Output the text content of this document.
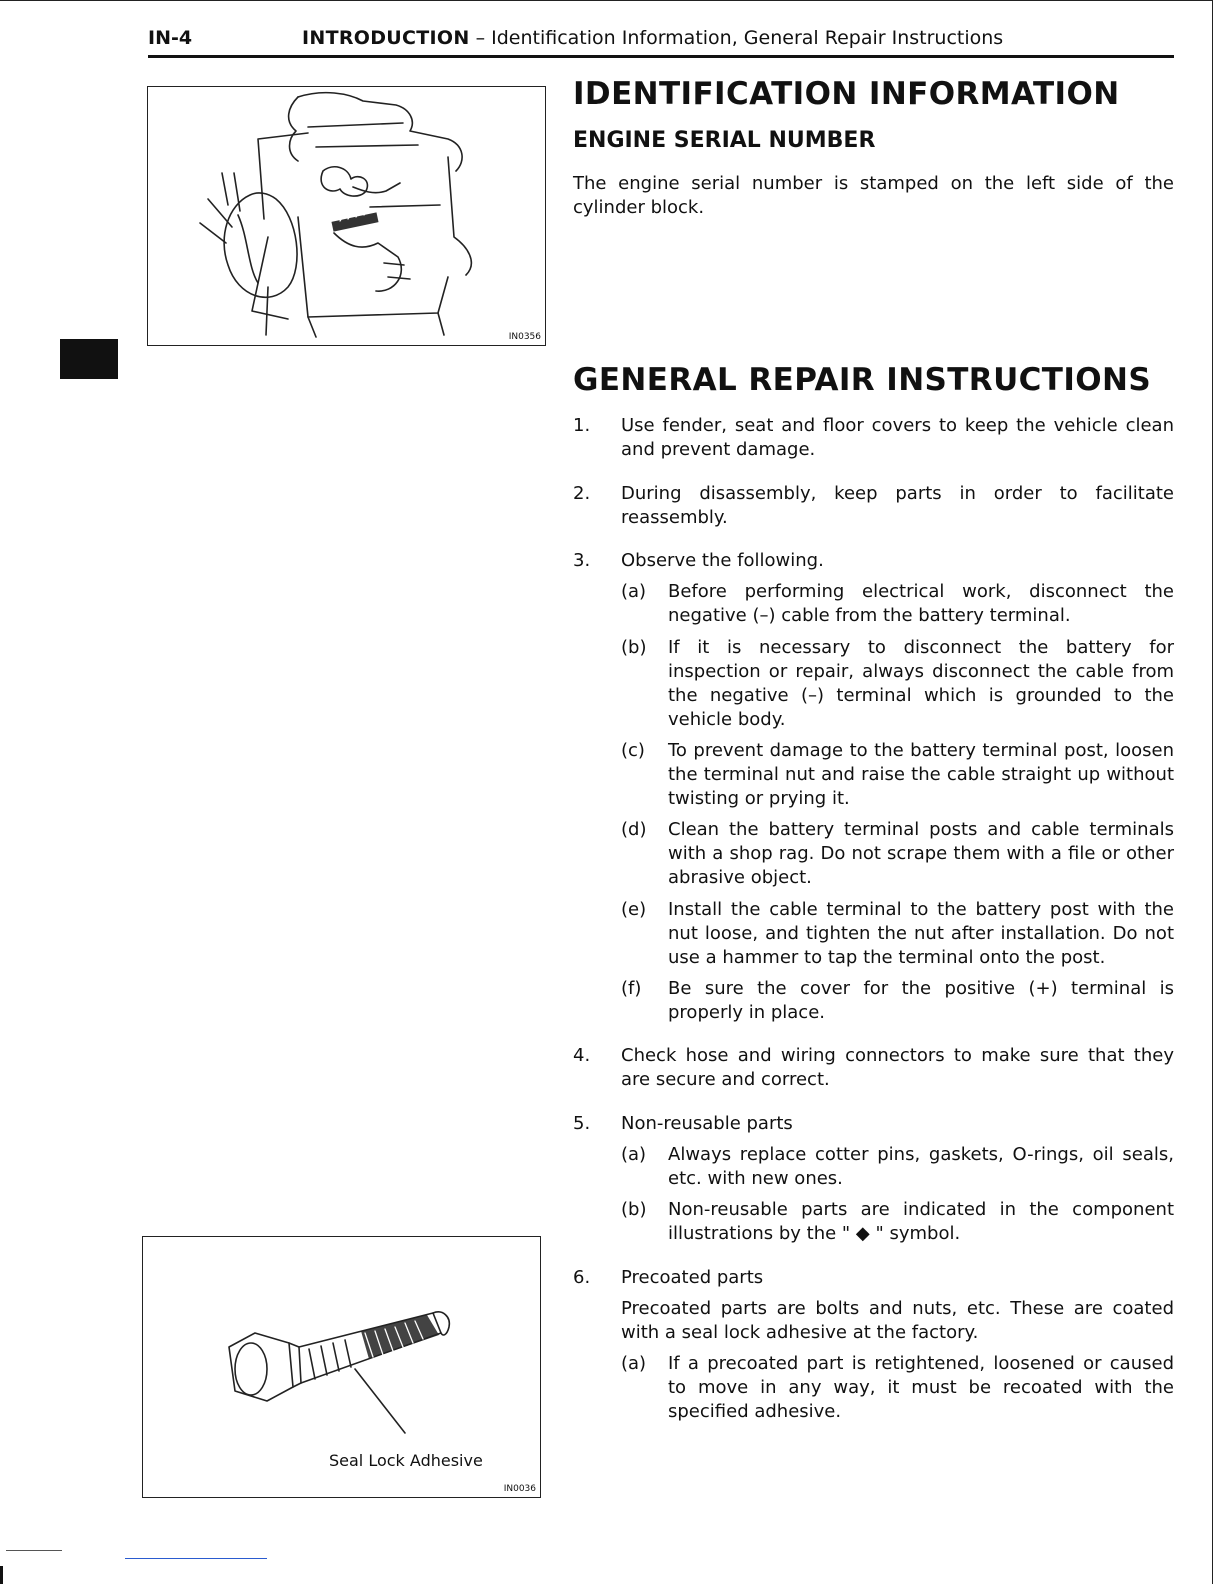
IN-4	INTRODUCTION – Identification Information, General Repair Instructions
IN0356
Seal Lock Adhesive
IN0036
IDENTIFICATION INFORMATION
ENGINE SERIAL NUMBER
The engine serial number is stamped on the left side of the cylinder block.
GENERAL REPAIR INSTRUCTIONS
1. Use fender, seat and floor covers to keep the vehicle clean and prevent damage.
2. During disassembly, keep parts in order to facilitate reassembly.
3. Observe the following.
(a) Before performing electrical work, disconnect the negative (–) cable from the battery terminal.
(b) If it is necessary to disconnect the battery for inspection or repair, always disconnect the cable from the negative (–) terminal which is grounded to the vehicle body.
(c) To prevent damage to the battery terminal post, loosen the terminal nut and raise the cable straight up without twisting or prying it.
(d) Clean the battery terminal posts and cable terminals with a shop rag. Do not scrape them with a file or other abrasive object.
(e) Install the cable terminal to the battery post with the nut loose, and tighten the nut after installation. Do not use a hammer to tap the terminal onto the post.
(f) Be sure the cover for the positive (+) terminal is properly in place.
4. Check hose and wiring connectors to make sure that they are secure and correct.
5. Non-reusable parts
(a) Always replace cotter pins, gaskets, O-rings, oil seals, etc. with new ones.
(b) Non-reusable parts are indicated in the component illustrations by the " ◆ " symbol.
6. Precoated parts
Precoated parts are bolts and nuts, etc. These are coated with a seal lock adhesive at the factory.
(a) If a precoated part is retightened, loosened or caused to move in any way, it must be recoated with the specified adhesive.
